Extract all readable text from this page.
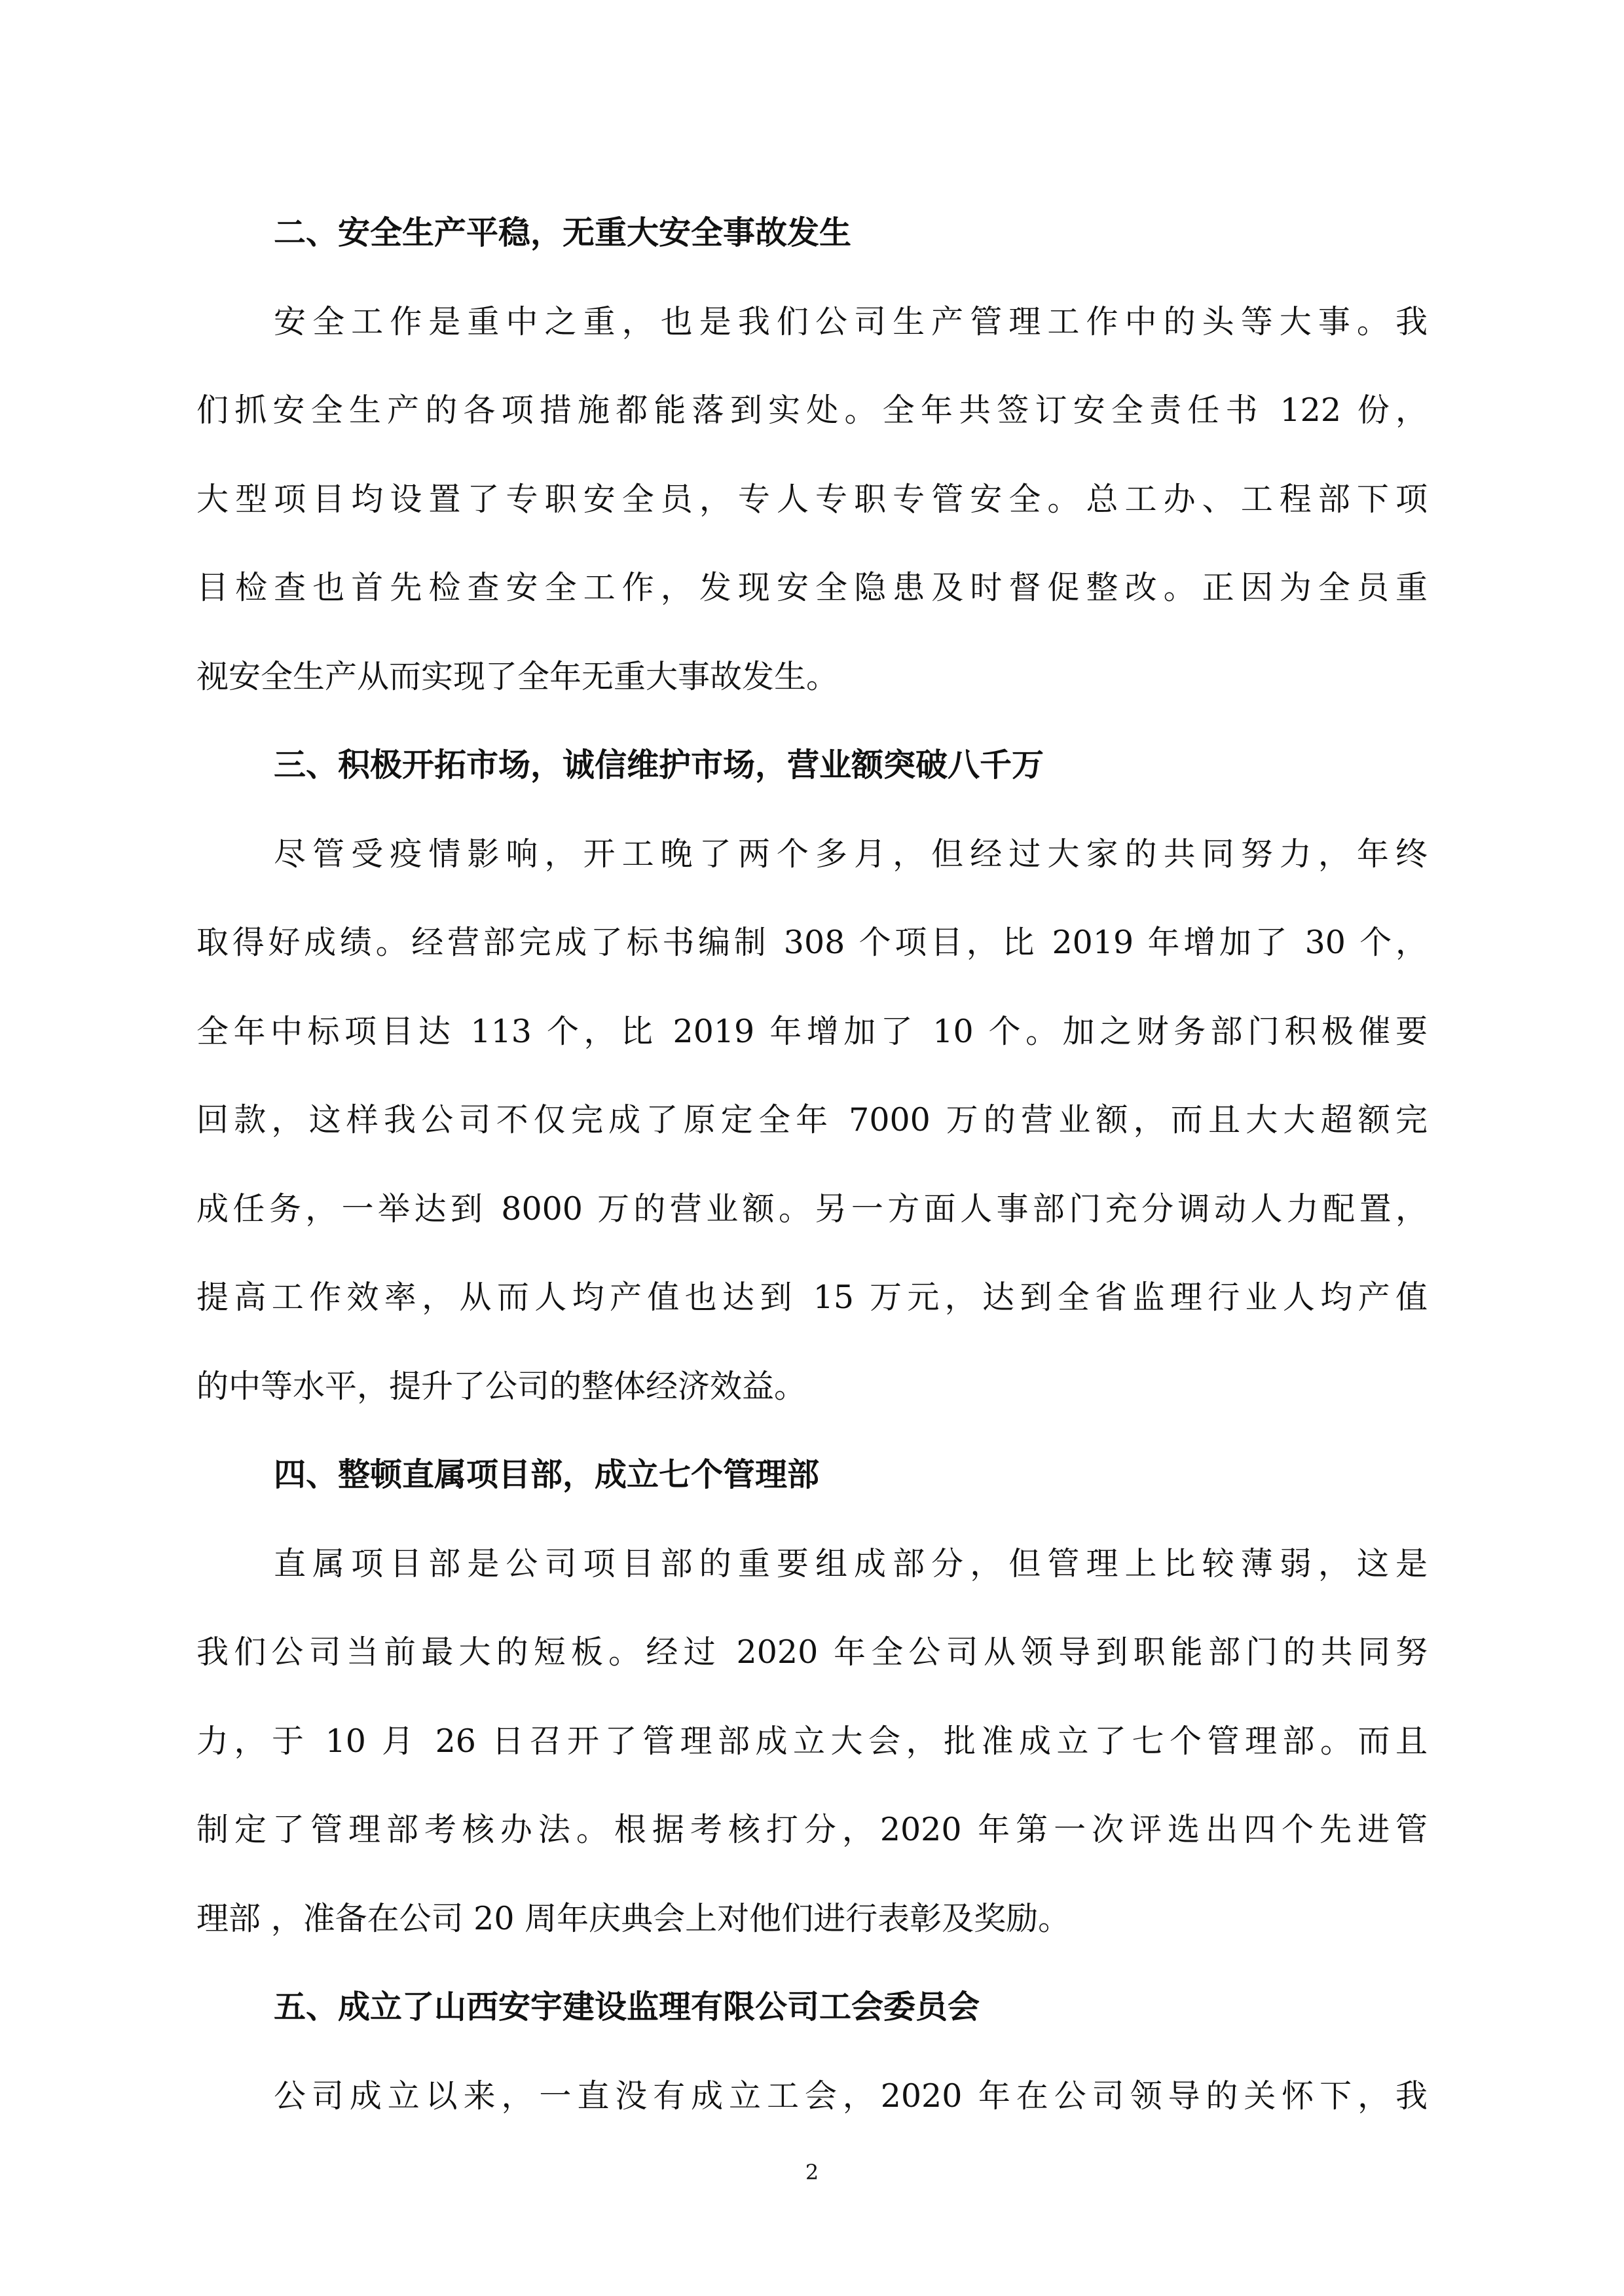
二、安全生产平稳，无重大安全事故发生
安全工作是重中之重，也是我们公司生产管理工作中的头等大事。我
们抓安全生产的各项措施都能落到实处。全年共签订安全责任书 122 份，
大型项目均设置了专职安全员，专人专职专管安全。总工办、工程部下项
目检查也首先检查安全工作，发现安全隐患及时督促整改。正因为全员重
视安全生产从而实现了全年无重大事故发生。
三、积极开拓市场，诚信维护市场，营业额突破八千万
尽管受疫情影响，开工晚了两个多月，但经过大家的共同努力，年终
取得好成绩。经营部完成了标书编制 308 个项目，比 2019 年增加了 30 个，
全年中标项目达 113 个，比 2019 年增加了 10 个。加之财务部门积极催要
回款，这样我公司不仅完成了原定全年 7000 万的营业额，而且大大超额完
成任务，一举达到 8000 万的营业额。另一方面人事部门充分调动人力配置，
提高工作效率，从而人均产值也达到 15 万元，达到全省监理行业人均产值
的中等水平，提升了公司的整体经济效益。
四、整顿直属项目部，成立七个管理部
直属项目部是公司项目部的重要组成部分，但管理上比较薄弱，这是
我们公司当前最大的短板。经过 2020 年全公司从领导到职能部门的共同努
力，于 10 月 26 日召开了管理部成立大会，批准成立了七个管理部。而且
制定了管理部考核办法。根据考核打分，2020 年第一次评选出四个先进管
理部 ，准备在公司 20 周年庆典会上对他们进行表彰及奖励。
五、成立了山西安宇建设监理有限公司工会委员会
公司成立以来，一直没有成立工会，2020 年在公司领导的关怀下，我
2
